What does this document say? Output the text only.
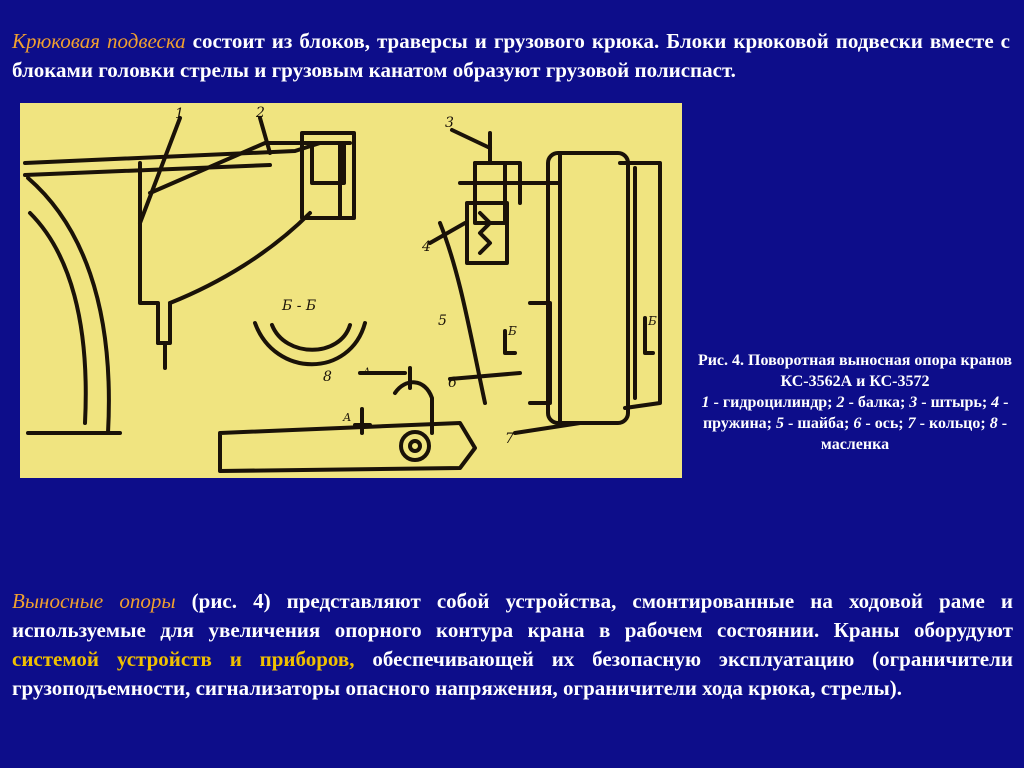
Крюковая подвеска состоит из блоков, траверсы и грузового крюка. Блоки крюковой подвески вместе с блоками головки стрелы и грузовым канатом образуют грузовой полиспаст.

1	2
3
4
5
6
7
8
Б - Б
А
А
Б
Б
Рис. 4. Поворотная выносная опора кранов КС-3562А и КС-3572
1 - гидроцилиндр; 2 - балка; 3 - штырь; 4 - пружина; 5 - шайба; 6 - ось; 7 - кольцо; 8 - масленка

Выносные опоры (рис. 4) представляют собой устройства, смонтированные на ходовой раме и используемые для увеличения опорного контура крана в рабочем состоянии. Краны оборудуют системой устройств и приборов, обеспечивающей их безопасную эксплуатацию (ограничители грузоподъемности, сигнализаторы опасного напряжения, ограничители хода крюка, стрелы).
